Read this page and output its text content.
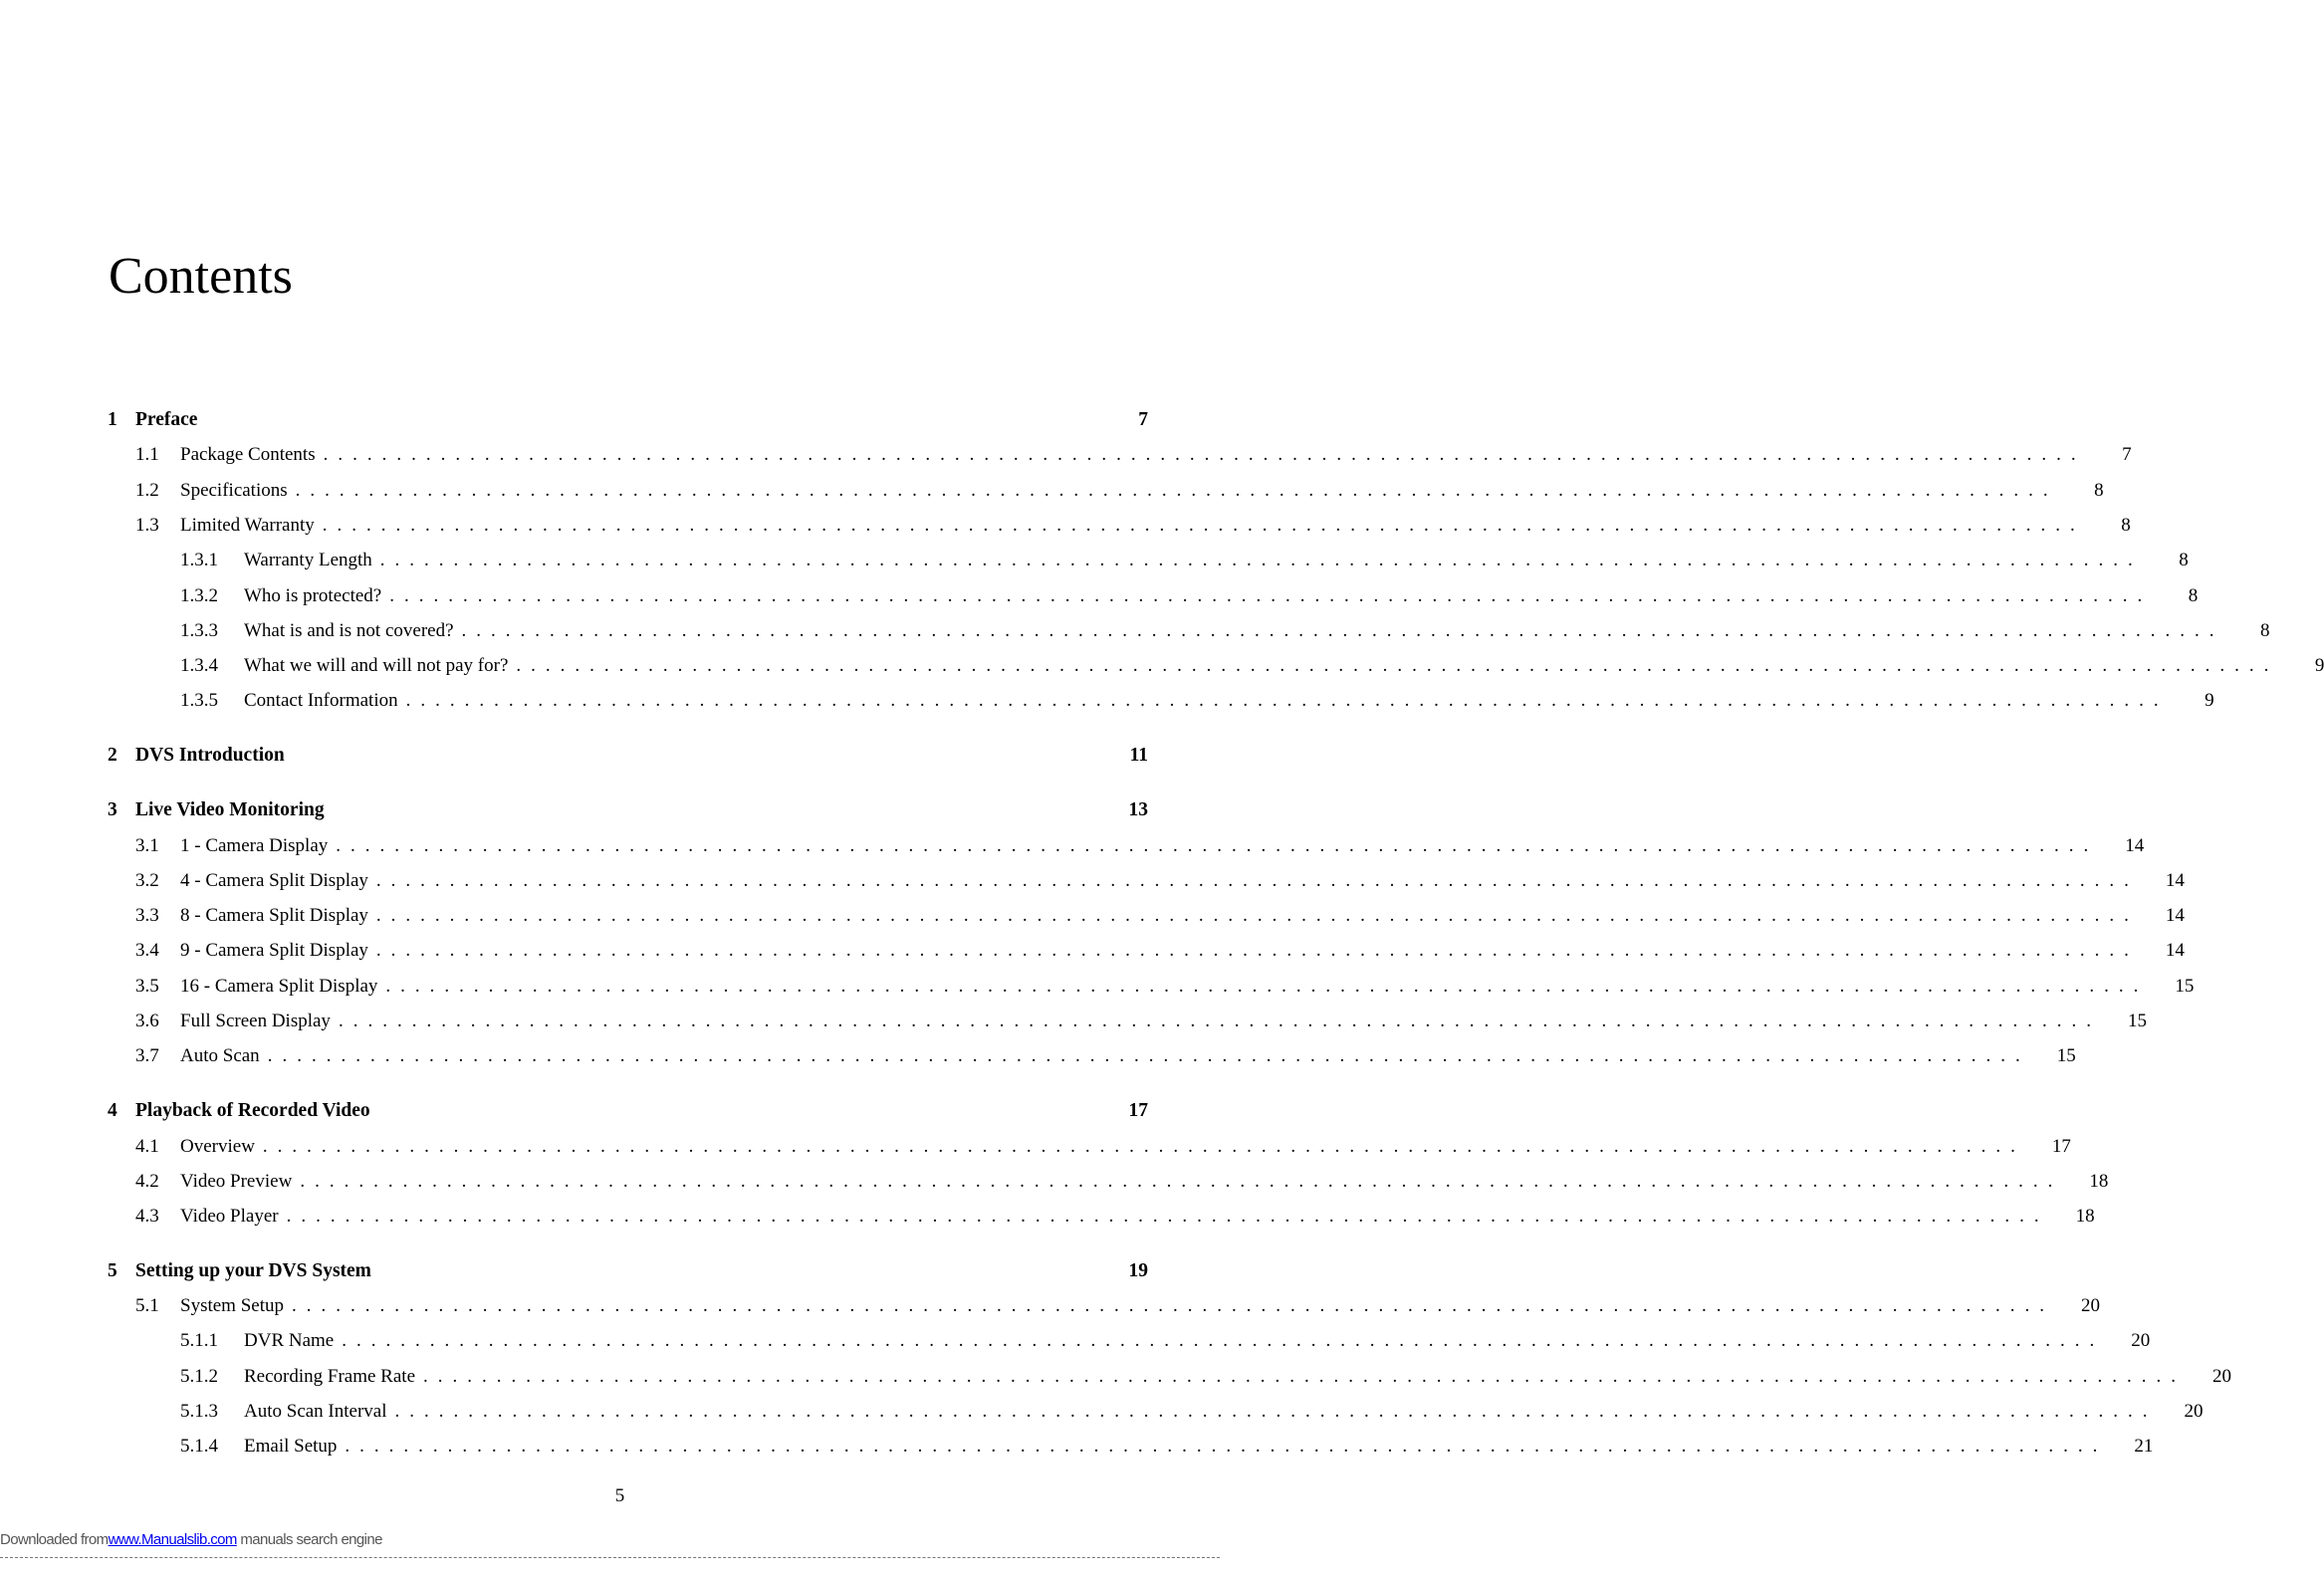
Contents
1 Preface	7
1.1	Package Contents ........................................................................................................................	7
1.2	Specifications ........................................................................................................................	8
1.3	Limited Warranty ........................................................................................................................	8
1.3.1	Warranty Length ........................................................................................................................	8
1.3.2	Who is protected? ........................................................................................................................	8
1.3.3	What is and is not covered? ........................................................................................................................	8
1.3.4	What we will and will not pay for? ........................................................................................................................	9
1.3.5	Contact Information ........................................................................................................................	9
2 DVS Introduction	11
3 Live Video Monitoring	13
3.1	1 - Camera Display ........................................................................................................................	14
3.2	4 - Camera Split Display ........................................................................................................................	14
3.3	8 - Camera Split Display ........................................................................................................................	14
3.4	9 - Camera Split Display ........................................................................................................................	14
3.5	16 - Camera Split Display ........................................................................................................................	15
3.6	Full Screen Display ........................................................................................................................	15
3.7	Auto Scan ........................................................................................................................	15
4 Playback of Recorded Video	17
4.1	Overview ........................................................................................................................	17
4.2	Video Preview ........................................................................................................................	18
4.3	Video Player ........................................................................................................................	18
5 Setting up your DVS System	19
5.1	System Setup ........................................................................................................................	20
5.1.1	DVR Name ........................................................................................................................	20
5.1.2	Recording Frame Rate ........................................................................................................................	20
5.1.3	Auto Scan Interval ........................................................................................................................	20
5.1.4	Email Setup ........................................................................................................................	21
5
Downloaded fromwww.Manualslib.com manuals search engine
